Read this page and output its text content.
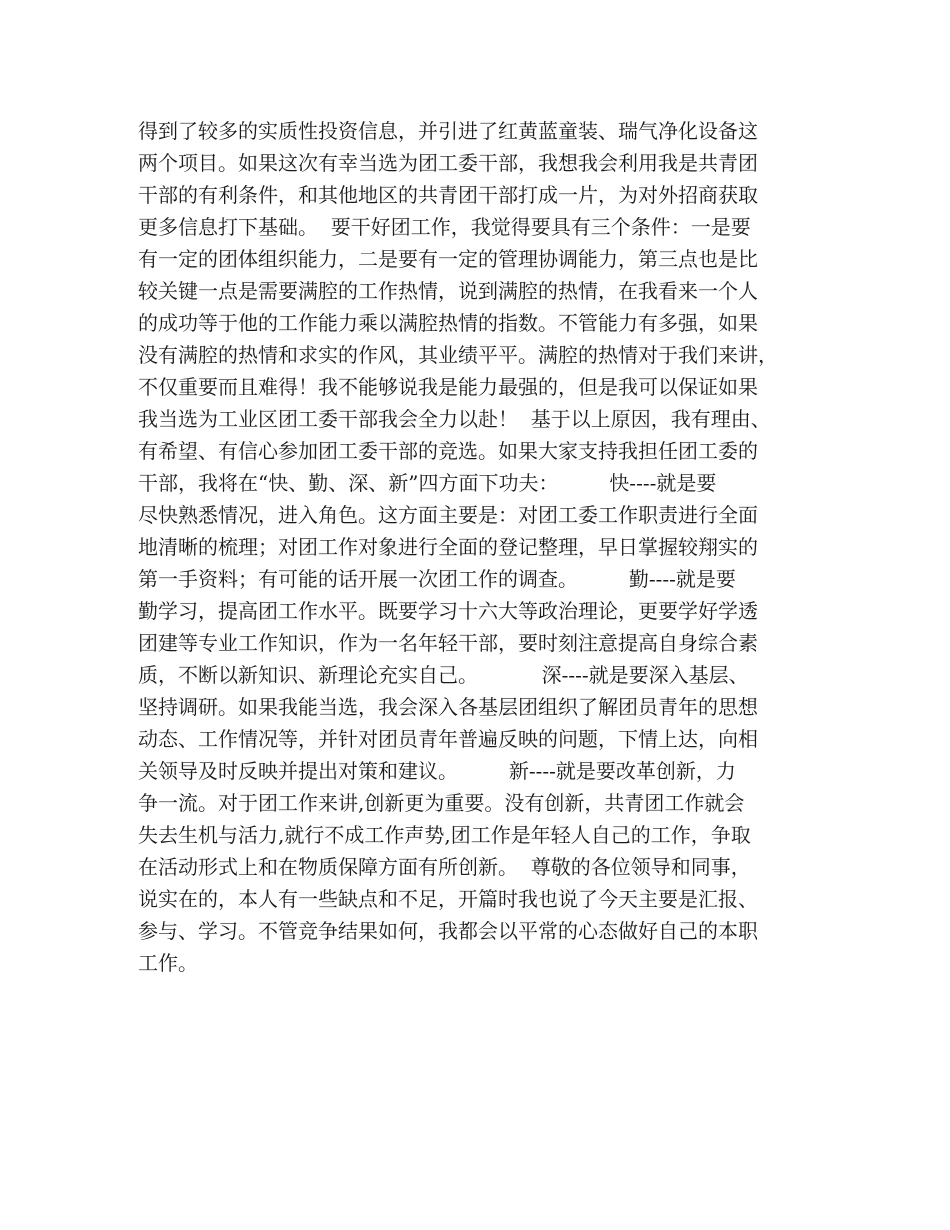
得到了较多的实质性投资信息，并引进了红黄蓝童装、瑞气净化设备这
两个项目。如果这次有幸当选为团工委干部，我想我会利用我是共青团
干部的有利条件，和其他地区的共青团干部打成一片，为对外招商获取
更多信息打下基础。  要干好团工作，我觉得要具有三个条件：一是要
有一定的团体组织能力，二是要有一定的管理协调能力，第三点也是比
较关键一点是需要满腔的工作热情，说到满腔的热情，在我看来一个人
的成功等于他的工作能力乘以满腔热情的指数。不管能力有多强，如果
没有满腔的热情和求实的作风，其业绩平平。满腔的热情对于我们来讲，
不仅重要而且难得！我不能够说我是能力最强的，但是我可以保证如果
我当选为工业区团工委干部我会全力以赴！  基于以上原因，我有理由、
有希望、有信心参加团工委干部的竞选。如果大家支持我担任团工委的
干部，我将在“快、勤、深、新”四方面下功夫：        快----就是要
尽快熟悉情况，进入角色。这方面主要是：对团工委工作职责进行全面
地清晰的梳理；对团工作对象进行全面的登记整理，早日掌握较翔实的
第一手资料；有可能的话开展一次团工作的调查。        勤----就是要
勤学习，提高团工作水平。既要学习十六大等政治理论，更要学好学透
团建等专业工作知识，作为一名年轻干部，要时刻注意提高自身综合素
质，不断以新知识、新理论充实自己。          深----就是要深入基层、
坚持调研。如果我能当选，我会深入各基层团组织了解团员青年的思想
动态、工作情况等，并针对团员青年普遍反映的问题，下情上达，向相
关领导及时反映并提出对策和建议。        新----就是要改革创新，力
争一流。对于团工作来讲,创新更为重要。没有创新，共青团工作就会
失去生机与活力,就行不成工作声势,团工作是年轻人自己的工作，争取
在活动形式上和在物质保障方面有所创新。  尊敬的各位领导和同事，
说实在的，本人有一些缺点和不足，开篇时我也说了今天主要是汇报、
参与、学习。不管竞争结果如何，我都会以平常的心态做好自己的本职
工作。
